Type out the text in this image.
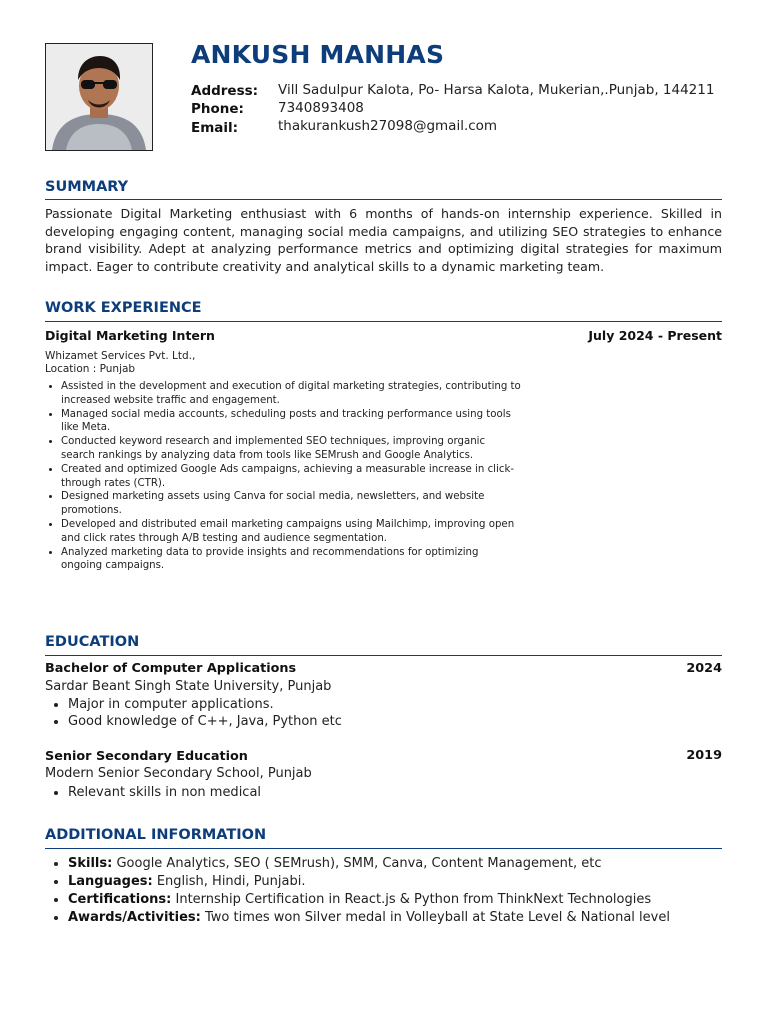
ANKUSH MANHAS
Address: Vill Sadulpur Kalota, Po- Harsa Kalota, Mukerian,.Punjab, 144211
Phone:	7340893408
Email:	thakurankush27098@gmail.com
SUMMARY
Passionate Digital Marketing enthusiast with 6 months of hands-on internship experience. Skilled in developing engaging content, managing social media campaigns, and utilizing SEO strategies to enhance brand visibility. Adept at analyzing performance metrics and optimizing digital strategies for maximum impact. Eager to contribute creativity and analytical skills to a dynamic marketing team.
WORK EXPERIENCE
Digital Marketing Intern	July 2024 - Present
Whizamet Services Pvt. Ltd.,
Location : Punjab
• Assisted in the development and execution of digital marketing strategies, contributing to increased website traffic and engagement.
• Managed social media accounts, scheduling posts and tracking performance using tools like Meta.
• Conducted keyword research and implemented SEO techniques, improving organic search rankings by analyzing data from tools like SEMrush and Google Analytics.
• Created and optimized Google Ads campaigns, achieving a measurable increase in click-through rates (CTR).
• Designed marketing assets using Canva for social media, newsletters, and website promotions.
• Developed and distributed email marketing campaigns using Mailchimp, improving open and click rates through A/B testing and audience segmentation.
• Analyzed marketing data to provide insights and recommendations for optimizing ongoing campaigns.
EDUCATION
Bachelor of Computer Applications	2024
Sardar Beant Singh State University, Punjab
• Major in computer applications.
• Good knowledge of C++, Java, Python etc
Senior Secondary Education	2019
Modern Senior Secondary School, Punjab
• Relevant skills in non medical
ADDITIONAL INFORMATION
• Skills: Google Analytics, SEO ( SEMrush), SMM, Canva, Content Management, etc
• Languages: English, Hindi, Punjabi.
• Certifications: Internship Certification in React.js & Python from ThinkNext Technologies
• Awards/Activities: Two times won Silver medal in Volleyball at State Level & National level
